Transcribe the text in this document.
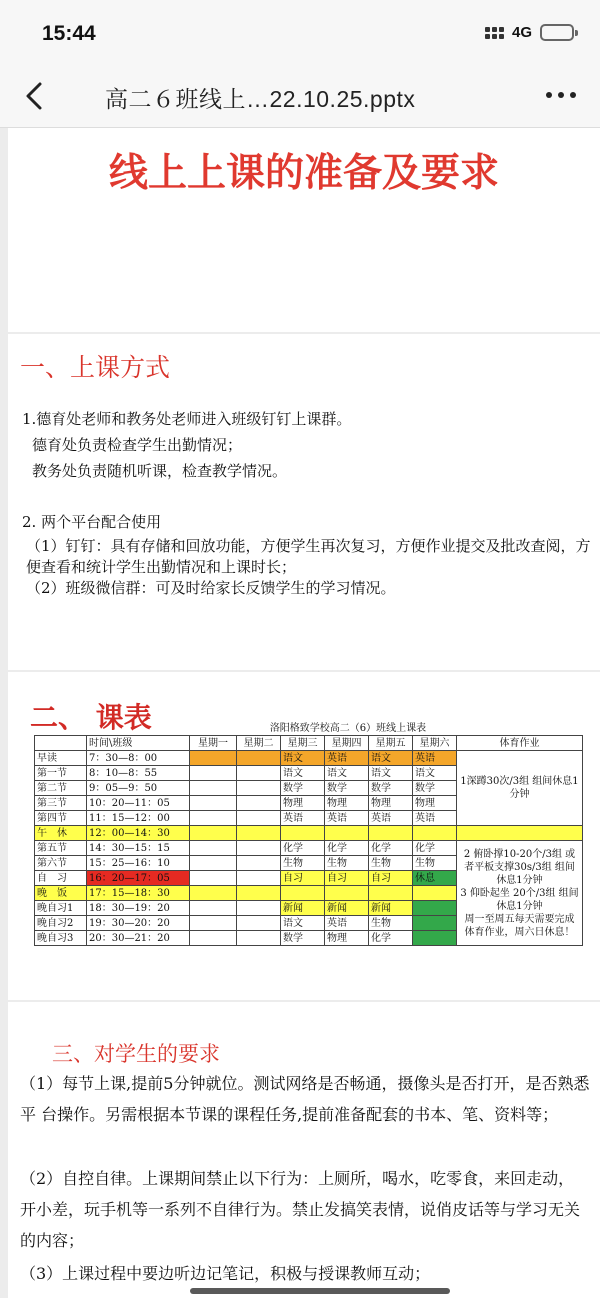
15:44	4G
高二６班线上…22.10.25.pptx
线上上课的准备及要求
一、上课方式
1.德育处老师和教务处老师进入班级钉钉上课群。
德育处负责检查学生出勤情况；
教务处负责随机听课，检查教学情况。
2. 两个平台配合使用
（1）钉钉：具有存储和回放功能，方便学生再次复习，方便作业提交及批改查阅，方便查看和统计学生出勤情况和上课时长；
（2）班级微信群：可及时给家长反馈学生的学习情况。
二、 课表	洛阳格致学校高二（6）班线上课表
	时间\班级	星期一	星期二	星期三	星期四	星期五	星期六	体育作业
早读	7：30—8：00			语文	英语	语文	英语	1深蹲30次/3组 组间休息1分钟

第一节	8：10—8：55			语文	语文	语文	语文	
第二节	9：05—9：50			数学	数学	数学	数学	
第三节	10：20—11：05			物理	物理	物理	物理	
第四节	11：15—12：00			英语	英语	英语	英语	
午　休	12：00—14：30							
第五节	14：30—15：15			化学	化学	化学	化学	2 俯卧撑10-20个/3组 或者平板支撑30s/3组 组间休息1分钟
3 仰卧起坐 20个/3组 组间休息1分钟
周一至周五每天需要完成体育作业，周六日休息！

第六节	15：25—16：10			生物	生物	生物	生物	
自　习	16：20—17：05			自习	自习	自习	休息	
晚　饭	17：15—18：30							
晚自习1	18：30—19：20			新闻	新闻	新闻		
晚自习2	19：30—20：20			语文	英语	生物		
晚自习3	20：30—21：20			数学	物理	化学		
三、对学生的要求
（1）每节上课,提前5分钟就位。测试网络是否畅通，摄像头是否打开，是否熟悉平 台操作。另需根据本节课的课程任务,提前准备配套的书本、笔、资料等；
（2）自控自律。上课期间禁止以下行为：上厕所，喝水，吃零食，来回走动，开小差，玩手机等一系列不自律行为。禁止发搞笑表情，说俏皮话等与学习无关的内容；
（3）上课过程中要边听边记笔记，积极与授课教师互动；
